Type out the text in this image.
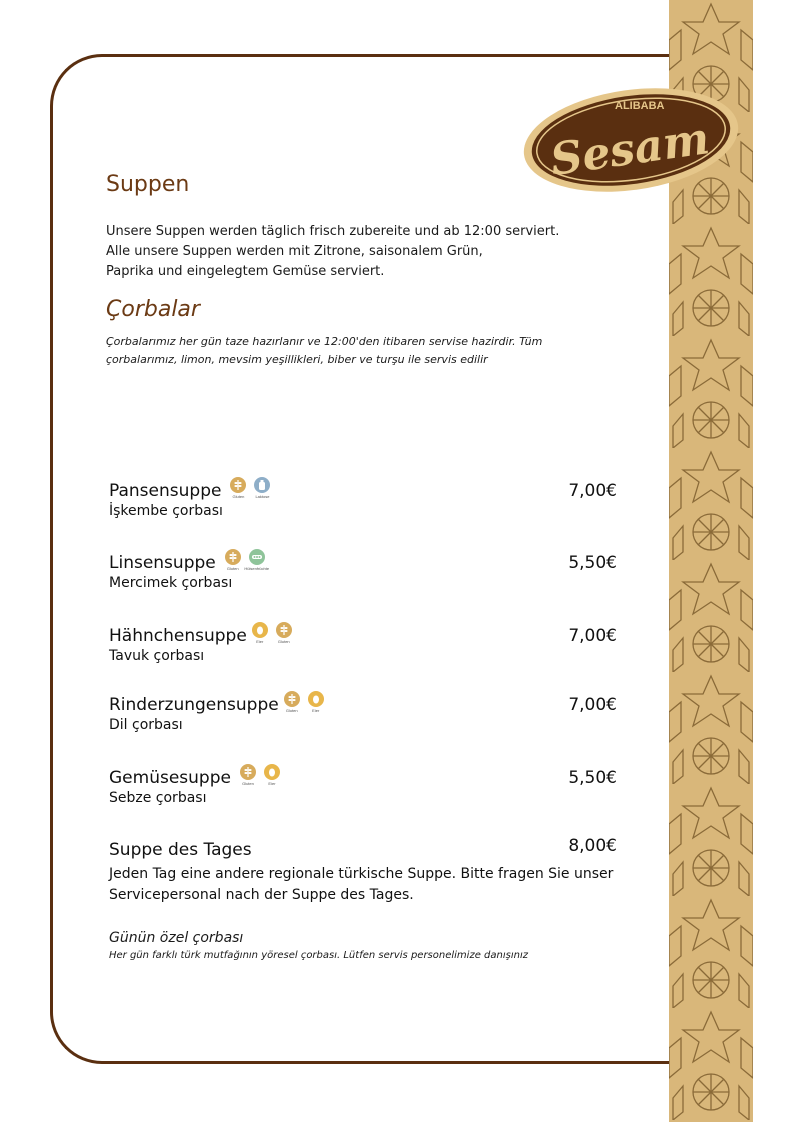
ALIBABA
Sesam
Suppen
Unsere Suppen werden täglich frisch zubereite und ab 12:00 serviert.
Alle unsere Suppen werden mit Zitrone, saisonalem Grün,
Paprika und eingelegtem Gemüse serviert.
Çorbalar
Çorbalarımız her gün taze hazırlanır ve 12:00'den itibaren servise hazirdir. Tüm
çorbalarımız, limon, mevsim yeşillikleri, biber ve turşu ile servis edilir
Pansensuppe	Gluten	Laktose	7,00€
İşkembe çorbası
Linsensuppe	Gluten Hülsenfrüchte	5,50€
Mercimek çorbası
Hähnchensuppe Eier	Gluten	7,00€
Tavuk çorbası
Rinderzungensuppe Gluten	Eier	7,00€
Dil çorbası
Gemüsesuppe	Gluten	Eier	5,50€
Sebze çorbası
Suppe des Tages	8,00€
Jeden Tag eine andere regionale türkische Suppe. Bitte fragen Sie unser Servicepersonal nach der Suppe des Tages.
Günün özel çorbası
Her gün farklı türk mutfağının yöresel çorbası. Lütfen servis personelimize danışınız
